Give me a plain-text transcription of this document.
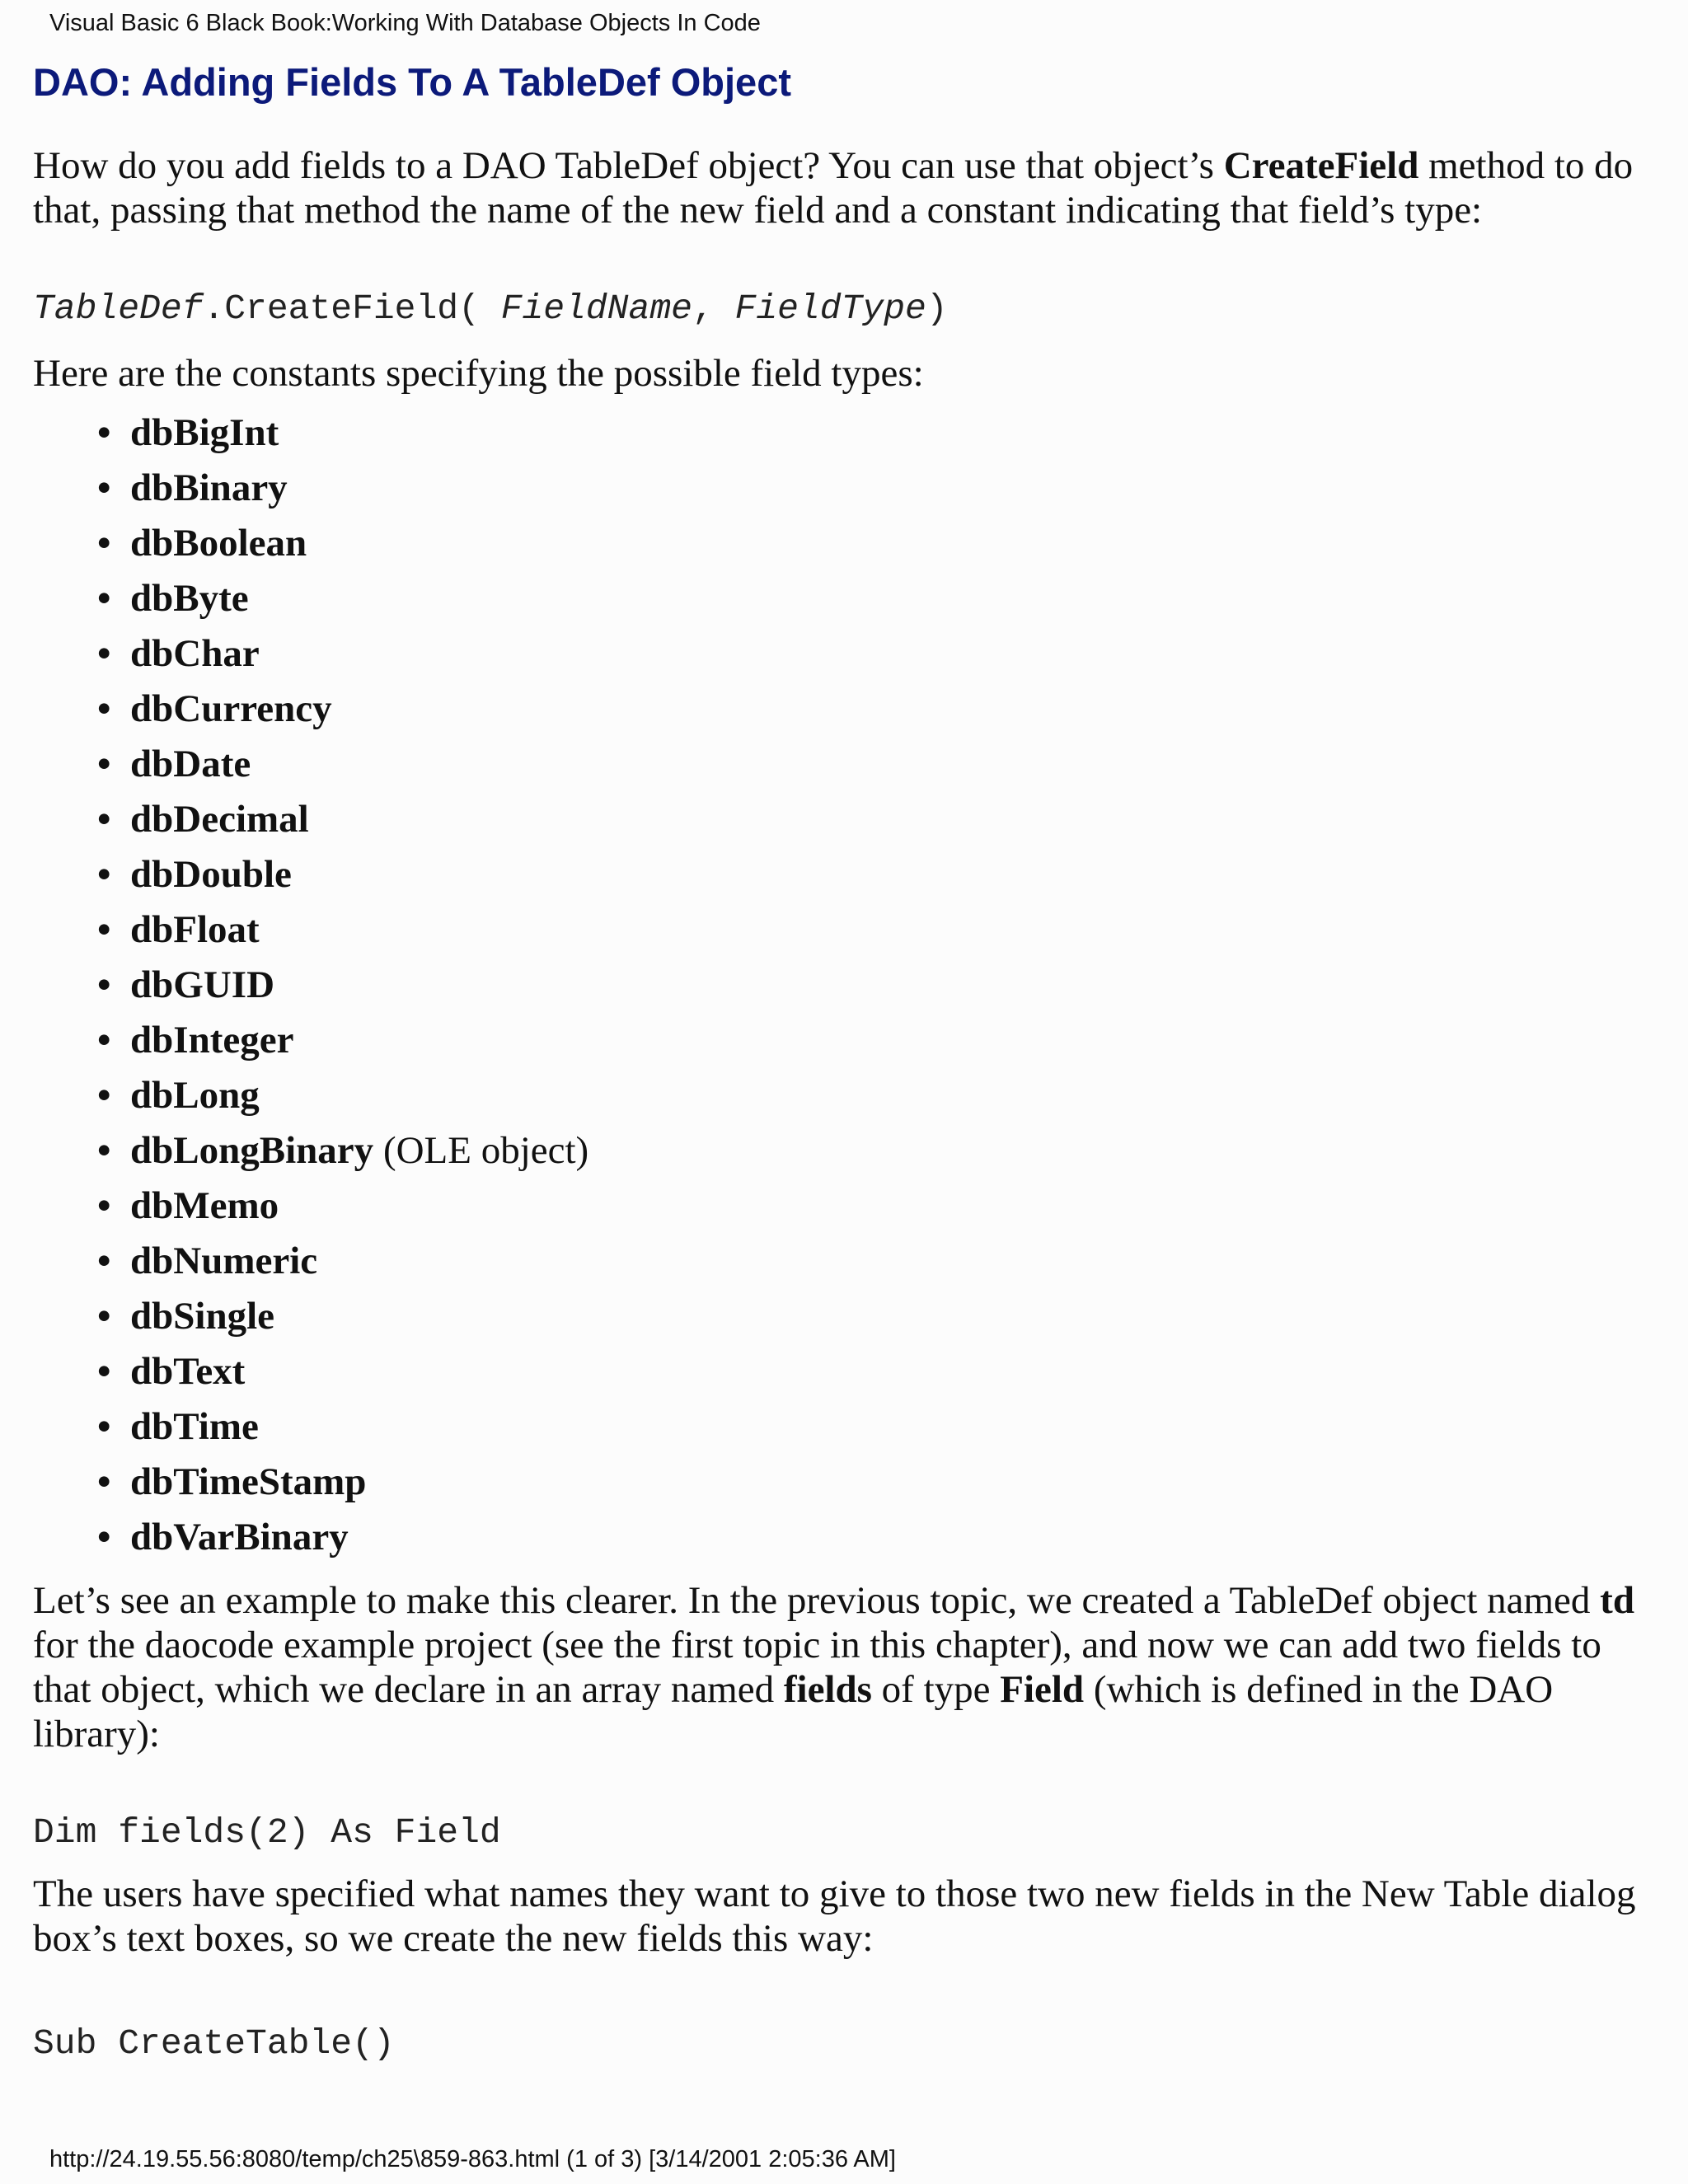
Visual Basic 6 Black Book:Working With Database Objects In Code
DAO: Adding Fields To A TableDef Object

How do you add fields to a DAO TableDef object? You can use that object’s CreateField method to do that, passing that method the name of the new field and a constant indicating that field’s type:

TableDef.CreateField( FieldName, FieldType)

Here are the constants specifying the possible field types:

• dbBigInt
• dbBinary
• dbBoolean
• dbByte
• dbChar
• dbCurrency
• dbDate
• dbDecimal
• dbDouble
• dbFloat
• dbGUID
• dbInteger
• dbLong
• dbLongBinary (OLE object)
• dbMemo
• dbNumeric
• dbSingle
• dbText
• dbTime
• dbTimeStamp
• dbVarBinary

Let’s see an example to make this clearer. In the previous topic, we created a TableDef object named td for the daocode example project (see the first topic in this chapter), and now we can add two fields to that object, which we declare in an array named fields of type Field (which is defined in the DAO library):

Dim fields(2) As Field

The users have specified what names they want to give to those two new fields in the New Table dialog box’s text boxes, so we create the new fields this way:

Sub CreateTable()
http://24.19.55.56:8080/temp/ch25\859-863.html (1 of 3) [3/14/2001 2:05:36 AM]
